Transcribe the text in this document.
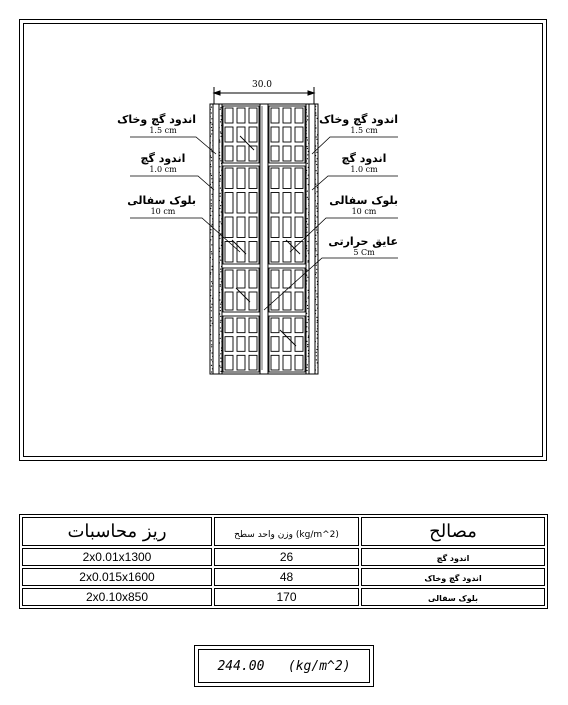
30.0
اندود گچ وخاک
1.5 cm
اندود گچ
1.0 cm
بلوک سفالی
10 cm
اندود گچ وخاک
1.5 cm
اندود گچ
1.0 cm
بلوک سفالی
10 cm
عایق حرارتی
5 Cm
ریز محاسبات	وزن واحد سطح (kg/m^2)	مصالح
2x0.01x1300	26	اندود گچ
2x0.015x1600	48	اندود گچ وخاک
2x0.10x850	170	بلوک سفالی
244.00
(kg/m^2)
